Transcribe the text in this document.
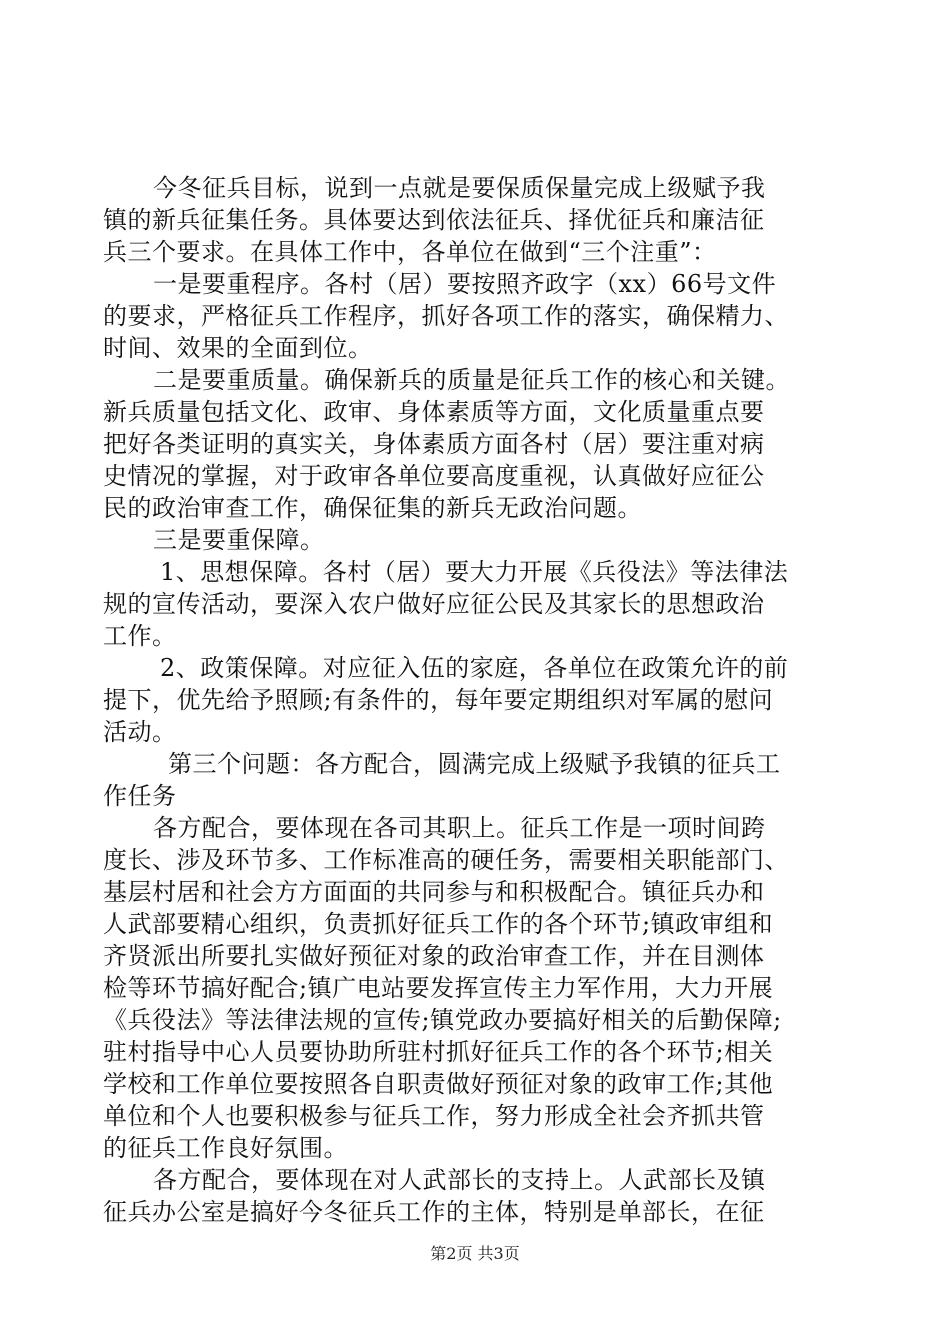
今冬征兵目标，说到一点就是要保质保量完成上级赋予我
镇的新兵征集任务。具体要达到依法征兵、择优征兵和廉洁征
兵三个要求。在具体工作中，各单位在做到“三个注重”：
一是要重程序。各村（居）要按照齐政字（xx）66号文件
的要求，严格征兵工作程序，抓好各项工作的落实，确保精力、
时间、效果的全面到位。
二是要重质量。确保新兵的质量是征兵工作的核心和关键。
新兵质量包括文化、政审、身体素质等方面，文化质量重点要
把好各类证明的真实关，身体素质方面各村（居）要注重对病
史情况的掌握，对于政审各单位要高度重视，认真做好应征公
民的政治审查工作，确保征集的新兵无政治问题。
三是要重保障。
1、思想保障。各村（居）要大力开展《兵役法》等法律法
规的宣传活动，要深入农户做好应征公民及其家长的思想政治
工作。
2、政策保障。对应征入伍的家庭，各单位在政策允许的前
提下，优先给予照顾;有条件的，每年要定期组织对军属的慰问
活动。
第三个问题：各方配合，圆满完成上级赋予我镇的征兵工
作任务
各方配合，要体现在各司其职上。征兵工作是一项时间跨
度长、涉及环节多、工作标准高的硬任务，需要相关职能部门、
基层村居和社会方方面面的共同参与和积极配合。镇征兵办和
人武部要精心组织，负责抓好征兵工作的各个环节;镇政审组和
齐贤派出所要扎实做好预征对象的政治审查工作，并在目测体
检等环节搞好配合;镇广电站要发挥宣传主力军作用，大力开展
《兵役法》等法律法规的宣传;镇党政办要搞好相关的后勤保障;
驻村指导中心人员要协助所驻村抓好征兵工作的各个环节;相关
学校和工作单位要按照各自职责做好预征对象的政审工作;其他
单位和个人也要积极参与征兵工作，努力形成全社会齐抓共管
的征兵工作良好氛围。
各方配合，要体现在对人武部长的支持上。人武部长及镇
征兵办公室是搞好今冬征兵工作的主体，特别是单部长，在征
第2页 共3页
